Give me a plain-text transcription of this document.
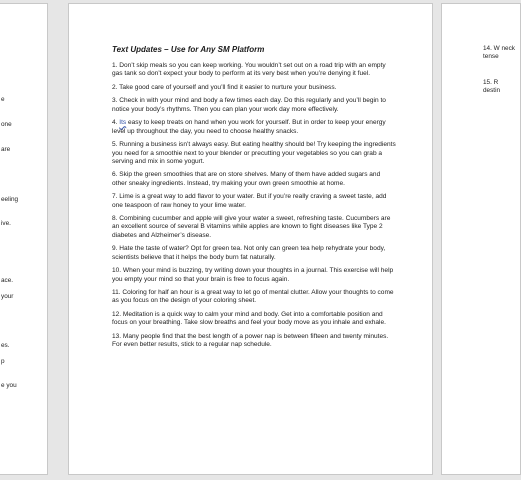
e
one
are
eeling
ive.
ace.
your
es.
p
e you
Text Updates – Use for Any SM Platform

1. Don’t skip meals so you can keep working. You wouldn’t set out on a road trip with an empty gas tank so don’t expect your body to perform at its very best when you’re denying it fuel.

2. Take good care of yourself and you’ll find it easier to nurture your business.

3. Check in with your mind and body a few times each day. Do this regularly and you’ll begin to notice your body’s rhythms. Then you can plan your work day more effectively.

4. Its easy to keep treats on hand when you work for yourself. But in order to keep your energy level up throughout the day, you need to choose healthy snacks.

5. Running a business isn’t always easy. But eating healthy should be! Try keeping the ingredients you need for a smoothie next to your blender or precutting your vegetables so you can grab a serving and mix in some yogurt.

6. Skip the green smoothies that are on store shelves. Many of them have added sugars and other sneaky ingredients. Instead, try making your own green smoothie at home.

7. Lime is a great way to add flavor to your water. But if you’re really craving a sweet taste, add one teaspoon of raw honey to your lime water.

8. Combining cucumber and apple will give your water a sweet, refreshing taste. Cucumbers are an excellent source of several B vitamins while apples are known to fight diseases like Type 2 diabetes and Alzheimer’s disease.

9. Hate the taste of water? Opt for green tea. Not only can green tea help rehydrate your body, scientists believe that it helps the body burn fat naturally.

10. When your mind is buzzing, try writing down your thoughts in a journal. This exercise will help you empty your mind so that your brain is free to focus again.

11. Coloring for half an hour is a great way to let go of mental clutter. Allow your thoughts to come as you focus on the design of your coloring sheet.

12. Meditation is a quick way to calm your mind and body. Get into a comfortable position and focus on your breathing. Take slow breaths and feel your body move as you inhale and exhale.

13. Many people find that the best length of a power nap is between fifteen and twenty minutes. For even better results, stick to a regular nap schedule.

14. W neck tense
15. R destin
